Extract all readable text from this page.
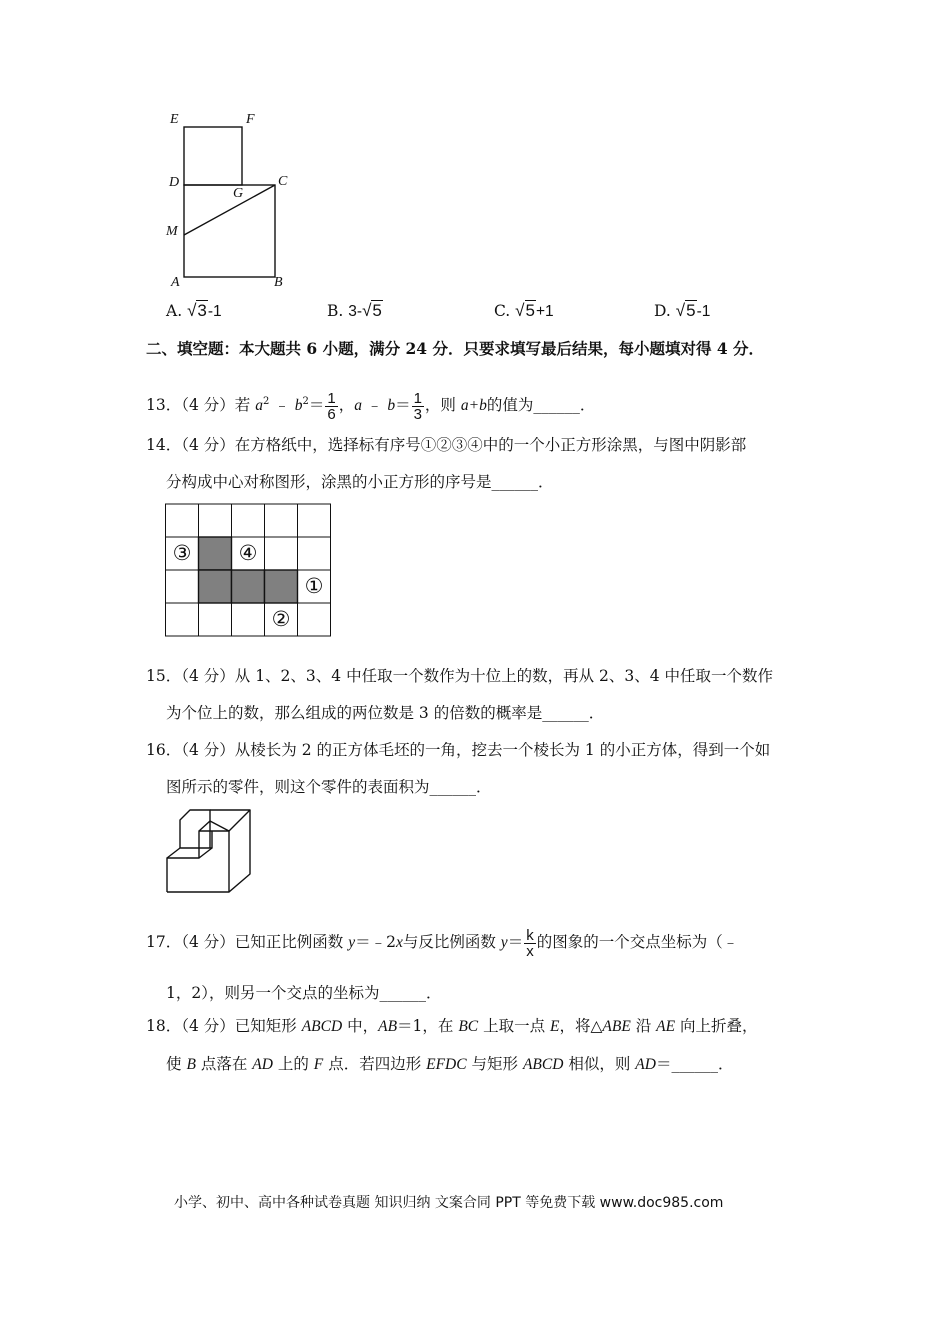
E	F
D
G
C
M
A	B
A. √3-1	B. 3-√5	C. √5+1	D. √5-1
二、填空题：本大题共 6 小题，满分 24 分．只要求填写最后结果，每小题填对得 4 分．
13．（4 分）若 $a^2$ ﹣ $b^2= \frac{1}{6}$ ，a ﹣ $b= \frac{1}{3}$ ，则 a+b的值为______．
14．（4 分）在方格纸中，选择标有序号①②③④中的一个小正方形涂黑，与图中阴影部
分构成中心对称图形，涂黑的小正方形的序号是______．
③ ④
①
②
15．（4 分）从 1、2、3、4 中任取一个数作为十位上的数，再从 2、3、4 中任取一个数作
为个位上的数，那么组成的两位数是 3 的倍数的概率是______．
16．（4 分）从棱长为 2 的正方体毛坯的一角，挖去一个棱长为 1 的小正方体，得到一个如
图所示的零件，则这个零件的表面积为______．
17．（4 分）已知正比例函数 y＝﹣2x与反比例函数 $y= \frac{k}{x}$ 的图象的一个交点坐标为（﹣
1，2），则另一个交点的坐标为______．
18．（4 分）已知矩形 ABCD 中，AB＝1，在 BC 上取一点 E，将△ABE 沿 AE 向上折叠，
使 B 点落在 AD 上的 F 点．若四边形 EFDC 与矩形 ABCD 相似，则 AD＝______．
小学、初中、高中各种试卷真题 知识归纳 文案合同 PPT 等免费下载 www.doc985.com
